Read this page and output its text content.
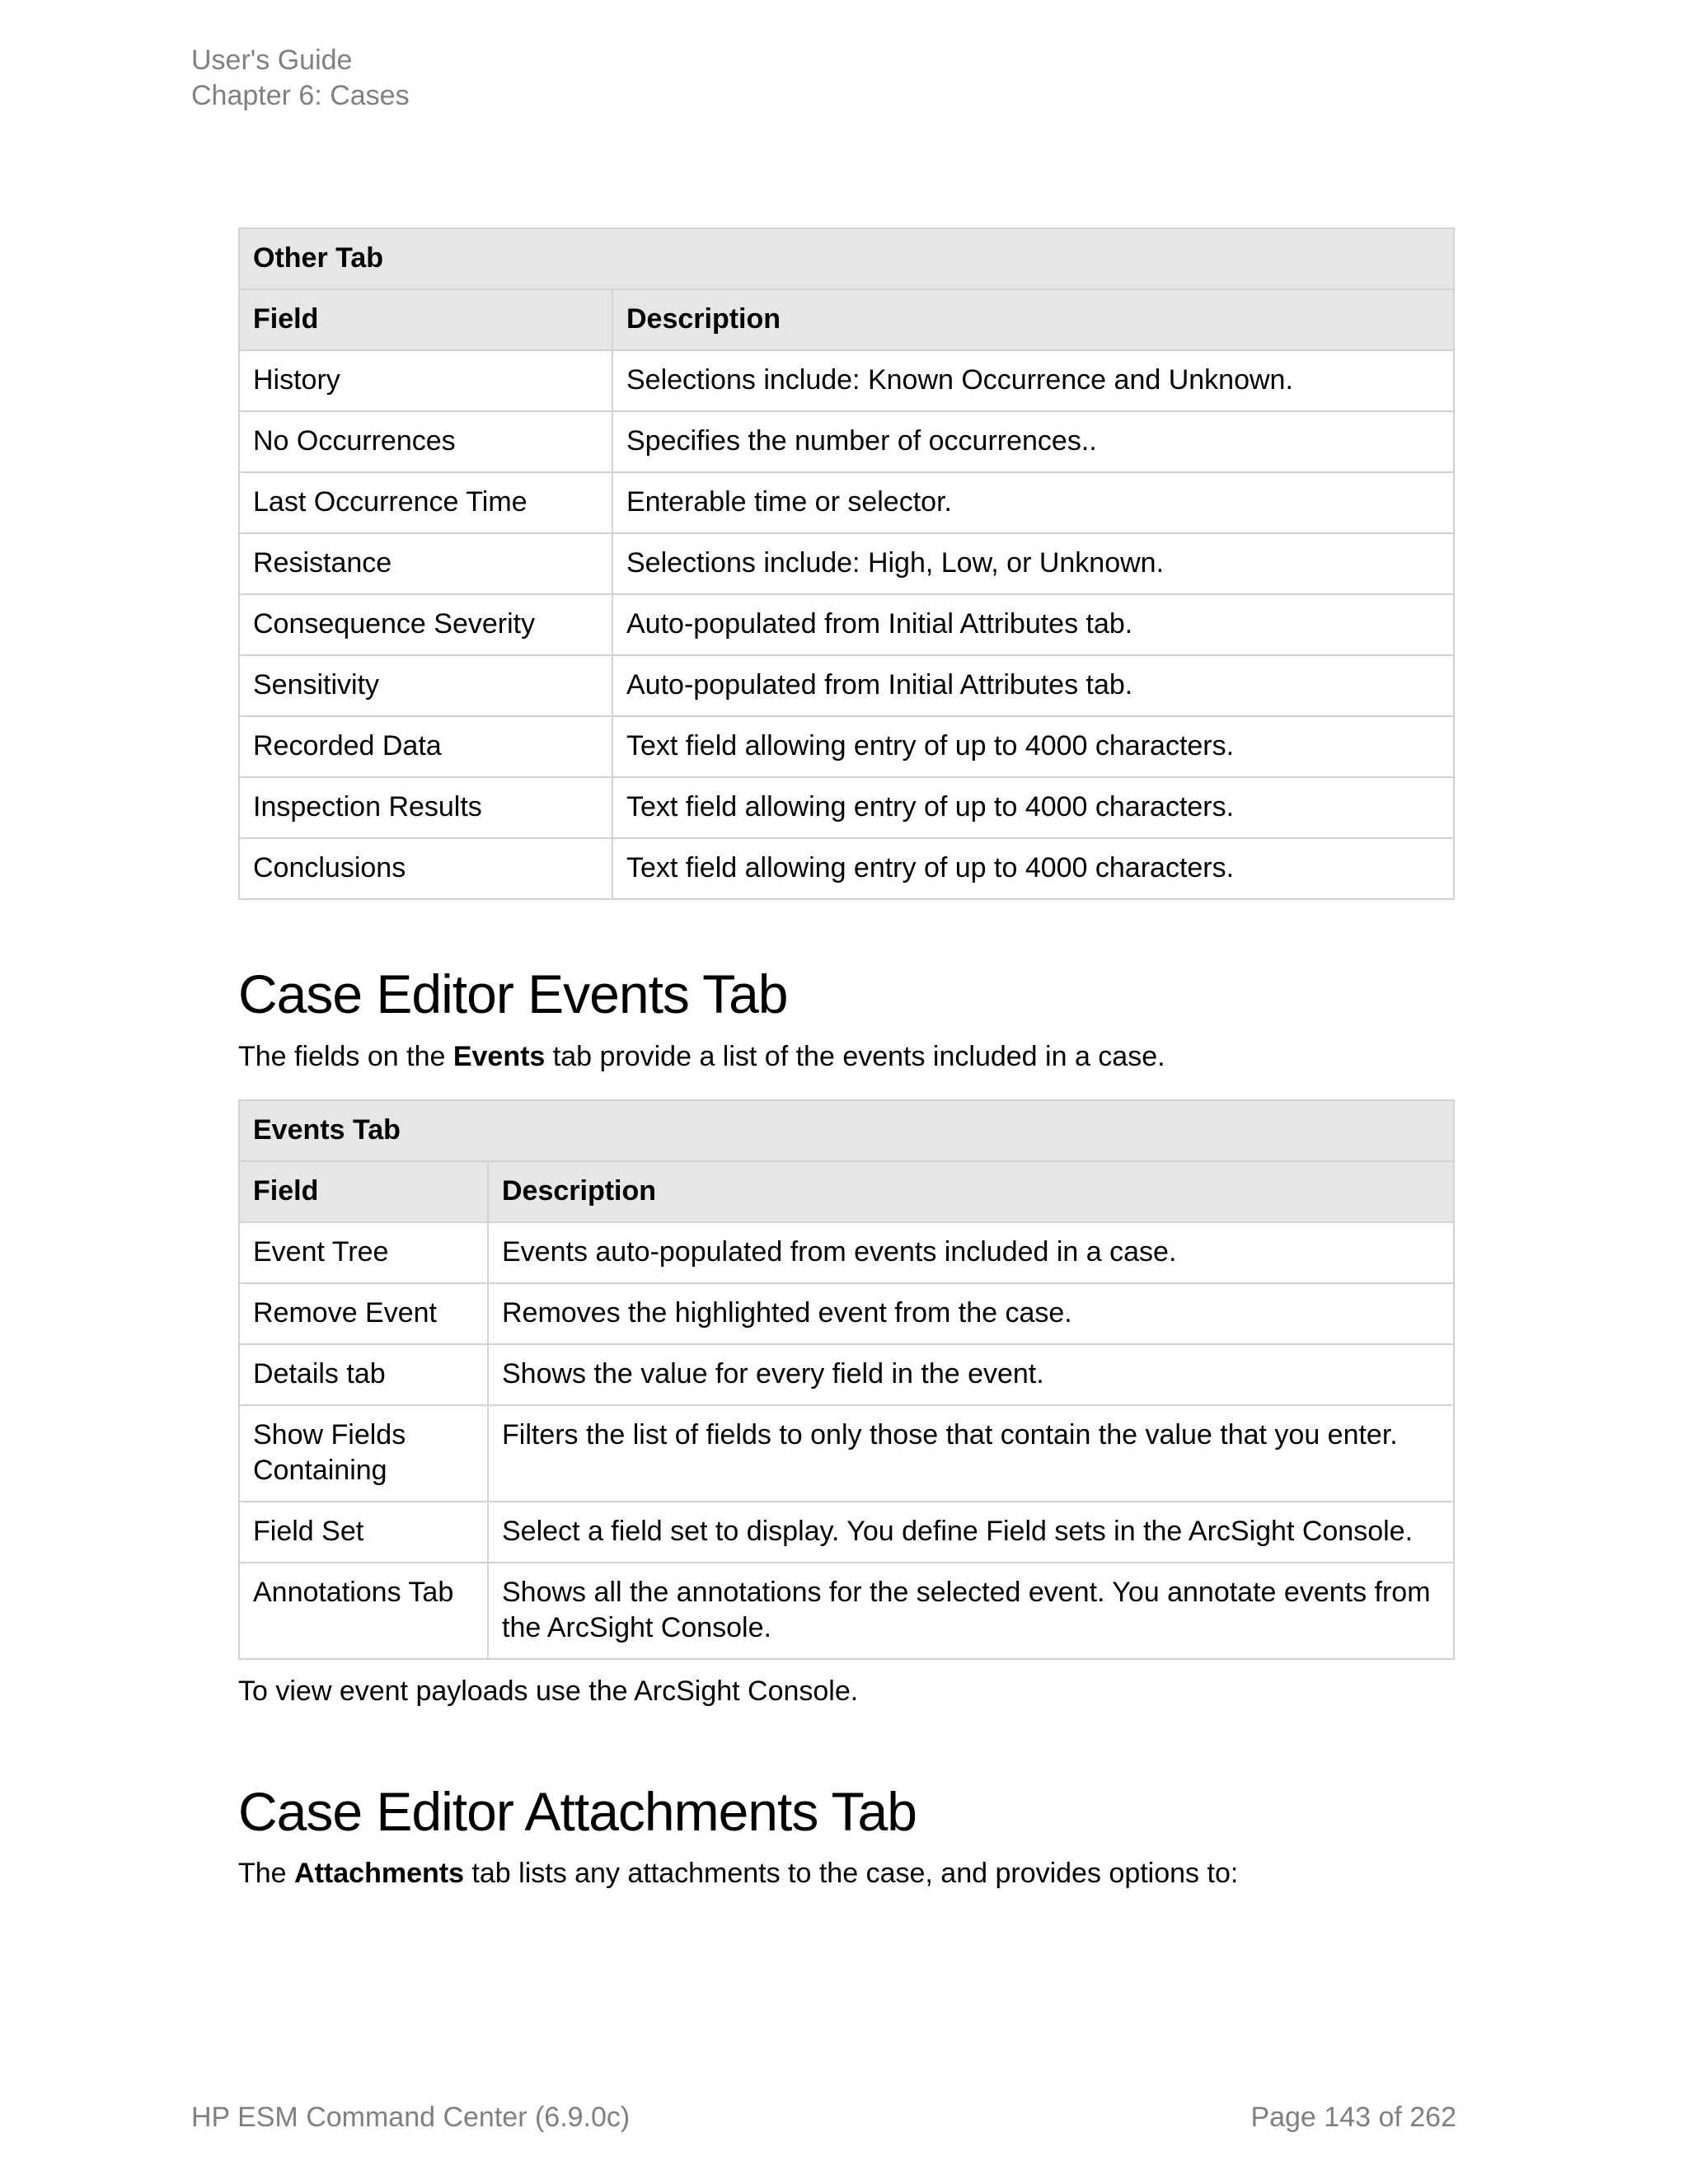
User's Guide
Chapter 6: Cases
Other Tab	
Field	Description
History	Selections include: Known Occurrence and Unknown.
No Occurrences	Specifies the number of occurrences..
Last Occurrence Time	Enterable time or selector.
Resistance	Selections include: High, Low, or Unknown.
Consequence Severity	Auto-populated from Initial Attributes tab.
Sensitivity	Auto-populated from Initial Attributes tab.
Recorded Data	Text field allowing entry of up to 4000 characters.
Inspection Results	Text field allowing entry of up to 4000 characters.
Conclusions	Text field allowing entry of up to 4000 characters.
Case Editor Events Tab

The fields on the Events tab provide a list of the events included in a case.

Events Tab	
Field	Description
Event Tree	Events auto-populated from events included in a case.
Remove Event	Removes the highlighted event from the case.
Details tab	Shows the value for every field in the event.
Show Fields Containing	Filters the list of fields to only those that contain the value that you enter.
Field Set	Select a field set to display. You define Field sets in the ArcSight Console.
Annotations Tab	Shows all the annotations for the selected event. You annotate events from the ArcSight Console.

To view event payloads use the ArcSight Console.

Case Editor Attachments Tab

The Attachments tab lists any attachments to the case, and provides options to:

HP ESM Command Center (6.9.0c)	Page 143 of 262
